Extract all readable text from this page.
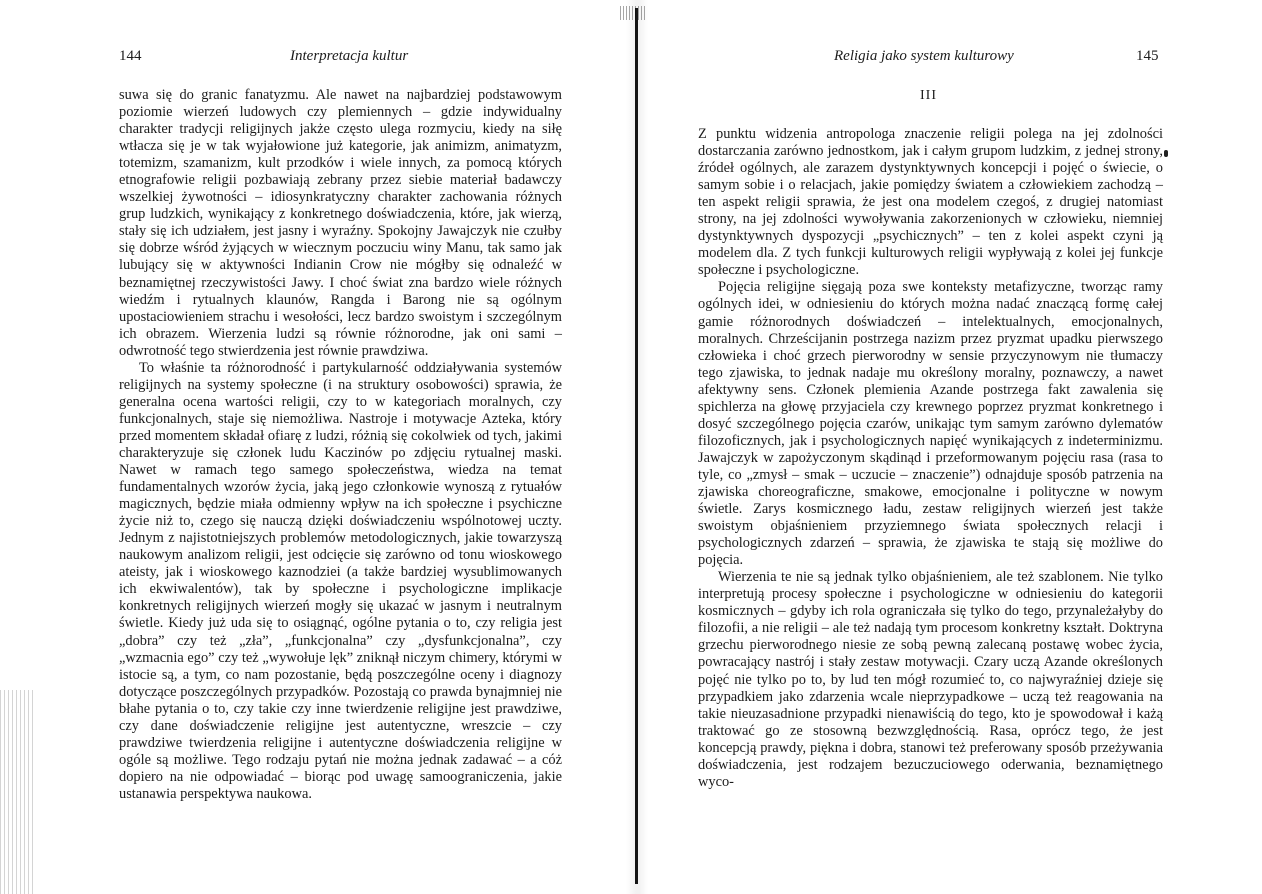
144	Interpretacja kultur

suwa się do granic fanatyzmu. Ale nawet na najbardziej podstawowym poziomie wierzeń ludowych czy plemiennych – gdzie indywidualny charakter tradycji religijnych jakże często ulega rozmyciu, kiedy na siłę wtłacza się je w tak wyjałowione już kategorie, jak animizm, animatyzm, totemizm, szamanizm, kult przodków i wiele innych, za pomocą których etnografowie religii pozbawiają zebrany przez siebie materiał badawczy wszelkiej żywotności – idiosynkratyczny charakter zachowania różnych grup ludzkich, wynikający z konkretnego doświadczenia, które, jak wierzą, stały się ich udziałem, jest jasny i wyraźny. Spokojny Jawajczyk nie czułby się dobrze wśród żyjących w wiecznym poczuciu winy Manu, tak samo jak lubujący się w aktywności Indianin Crow nie mógłby się odnaleźć w beznamiętnej rzeczywistości Jawy. I choć świat zna bardzo wiele różnych wiedźm i rytualnych klaunów, Rangda i Barong nie są ogólnym upostaciowieniem strachu i wesołości, lecz bardzo swoistym i szczególnym ich obrazem. Wierzenia ludzi są równie różnorodne, jak oni sami – odwrotność tego stwierdzenia jest równie prawdziwa.

To właśnie ta różnorodność i partykularność oddziaływania systemów religijnych na systemy społeczne (i na struktury osobowości) sprawia, że generalna ocena wartości religii, czy to w kategoriach moralnych, czy funkcjonalnych, staje się niemożliwa. Nastroje i motywacje Azteka, który przed momentem składał ofiarę z ludzi, różnią się cokolwiek od tych, jakimi charakteryzuje się członek ludu Kaczinów po zdjęciu rytualnej maski. Nawet w ramach tego samego społeczeństwa, wiedza na temat fundamentalnych wzorów życia, jaką jego członkowie wynoszą z rytuałów magicznych, będzie miała odmienny wpływ na ich społeczne i psychiczne życie niż to, czego się nauczą dzięki doświadczeniu wspólnotowej uczty. Jednym z najistotniejszych problemów metodologicznych, jakie towarzyszą naukowym analizom religii, jest odcięcie się zarówno od tonu wioskowego ateisty, jak i wioskowego kaznodziei (a także bardziej wysublimowanych ich ekwiwalentów), tak by społeczne i psychologiczne implikacje konkretnych religijnych wierzeń mogły się ukazać w jasnym i neutralnym świetle. Kiedy już uda się to osiągnąć, ogólne pytania o to, czy religia jest „dobra” czy też „zła”, „funkcjonalna” czy „dysfunkcjonalna”, czy „wzmacnia ego” czy też „wywołuje lęk” zniknął niczym chimery, którymi w istocie są, a tym, co nam pozostanie, będą poszczególne oceny i diagnozy dotyczące poszczególnych przypadków. Pozostają co prawda bynajmniej nie błahe pytania o to, czy takie czy inne twierdzenie religijne jest prawdziwe, czy dane doświadczenie religijne jest autentyczne, wreszcie – czy prawdziwe twierdzenia religijne i autentyczne doświadczenia religijne w ogóle są możliwe. Tego rodzaju pytań nie można jednak zadawać – a cóż dopiero na nie odpowiadać – biorąc pod uwagę samoograniczenia, jakie ustanawia perspektywa naukowa.

Religia jako system kulturowy	145
III

Z punktu widzenia antropologa znaczenie religii polega na jej zdolności dostarczania zarówno jednostkom, jak i całym grupom ludzkim, z jednej strony, źródeł ogólnych, ale zarazem dystynktywnych koncepcji i pojęć o świecie, o samym sobie i o relacjach, jakie pomiędzy światem a człowiekiem zachodzą – ten aspekt religii sprawia, że jest ona modelem czegoś, z drugiej natomiast strony, na jej zdolności wywoływania zakorzenionych w człowieku, niemniej dystynktywnych dyspozycji „psychicznych” – ten z kolei aspekt czyni ją modelem dla. Z tych funkcji kulturowych religii wypływają z kolei jej funkcje społeczne i psychologiczne.

Pojęcia religijne sięgają poza swe konteksty metafizyczne, tworząc ramy ogólnych idei, w odniesieniu do których można nadać znaczącą formę całej gamie różnorodnych doświadczeń – intelektualnych, emocjonalnych, moralnych. Chrześcijanin postrzega nazizm przez pryzmat upadku pierwszego człowieka i choć grzech pierworodny w sensie przyczynowym nie tłumaczy tego zjawiska, to jednak nadaje mu określony moralny, poznawczy, a nawet afektywny sens. Członek plemienia Azande postrzega fakt zawalenia się spichlerza na głowę przyjaciela czy krewnego poprzez pryzmat konkretnego i dosyć szczególnego pojęcia czarów, unikając tym samym zarówno dylematów filozoficznych, jak i psychologicznych napięć wynikających z indeterminizmu. Jawajczyk w zapożyczonym skądinąd i przeformowanym pojęciu rasa (rasa to tyle, co „zmysł – smak – uczucie – znaczenie”) odnajduje sposób patrzenia na zjawiska choreograficzne, smakowe, emocjonalne i polityczne w nowym świetle. Zarys kosmicznego ładu, zestaw religijnych wierzeń jest także swoistym objaśnieniem przyziemnego świata społecznych relacji i psychologicznych zdarzeń – sprawia, że zjawiska te stają się możliwe do pojęcia.

Wierzenia te nie są jednak tylko objaśnieniem, ale też szablonem. Nie tylko interpretują procesy społeczne i psychologiczne w odniesieniu do kategorii kosmicznych – gdyby ich rola ograniczała się tylko do tego, przynależałyby do filozofii, a nie religii – ale też nadają tym procesom konkretny kształt. Doktryna grzechu pierworodnego niesie ze sobą pewną zalecaną postawę wobec życia, powracający nastrój i stały zestaw motywacji. Czary uczą Azande określonych pojęć nie tylko po to, by lud ten mógł rozumieć to, co najwyraźniej dzieje się przypadkiem jako zdarzenia wcale nieprzypadkowe – uczą też reagowania na takie nieuzasadnione przypadki nienawiścią do tego, kto je spowodował i każą traktować go ze stosowną bezwzględnością. Rasa, oprócz tego, że jest koncepcją prawdy, piękna i dobra, stanowi też preferowany sposób przeżywania doświadczenia, jest rodzajem bezuczuciowego oderwania, beznamiętnego wyco-
